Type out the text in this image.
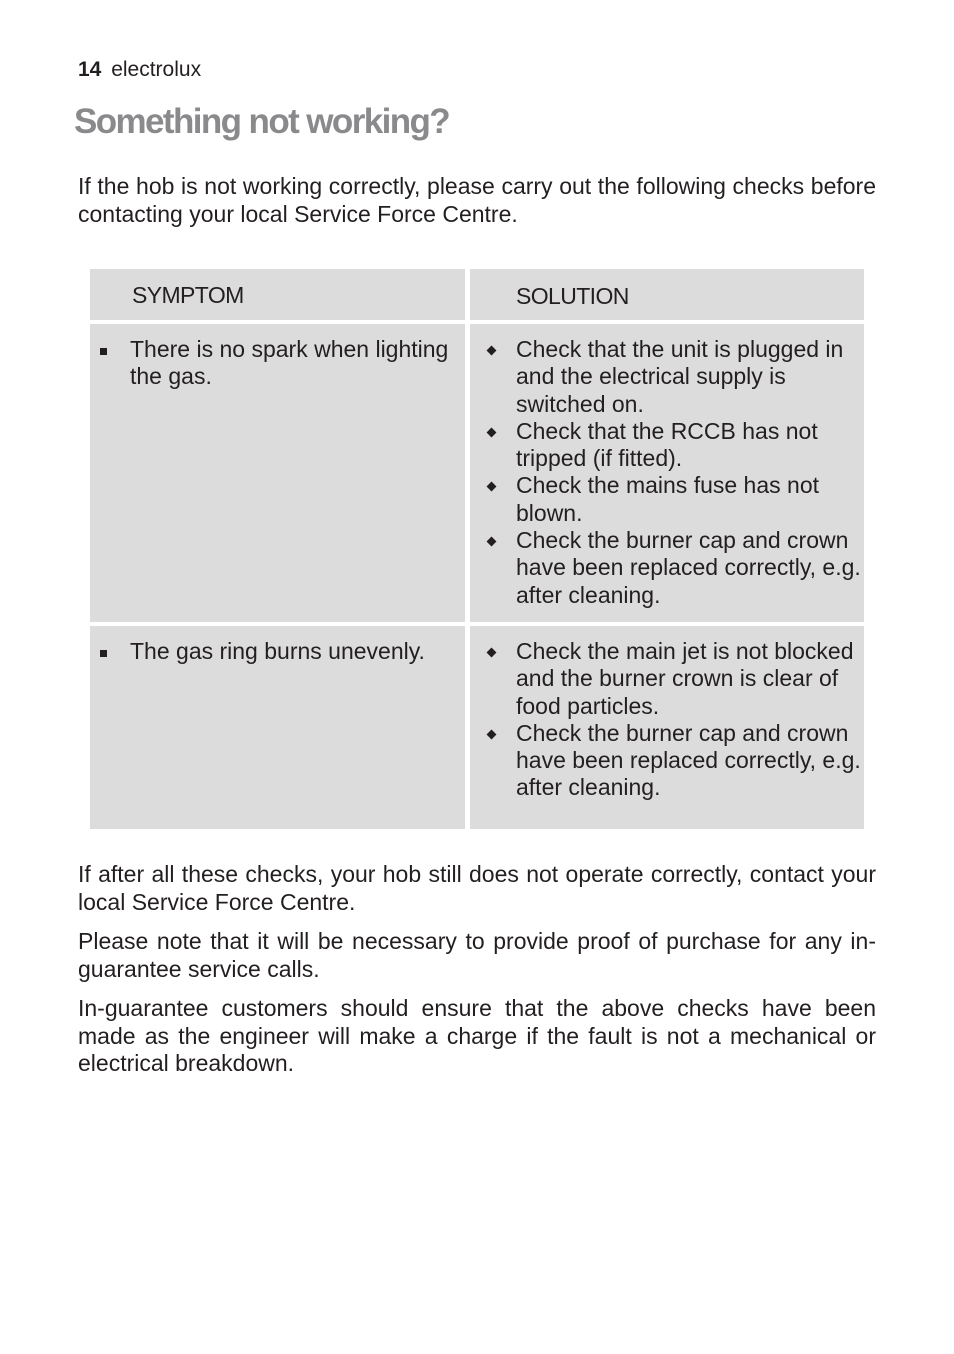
14 electrolux
Something not working?

If the hob is not working correctly, please carry out the following checks before contacting your local Service Force Centre.

SYMPTOM	SOLUTION

There is no spark when lighting the gas.

Check that the unit is plugged in and the electrical supply is switched on.
Check that the RCCB has not tripped (if fitted).
Check the mains fuse has not blown.
Check the burner cap and crown have been replaced correctly, e.g. after cleaning.

The gas ring burns unevenly.	Check the main jet is not blocked and the burner crown is clear of food particles.
Check the burner cap and crown have been replaced correctly, e.g. after cleaning.

If after all these checks, your hob still does not operate correctly, contact your local Service Force Centre.

Please note that it will be necessary to provide proof of purchase for any in-guarantee service calls.

In-guarantee customers should ensure that the above checks have been made as the engineer will make a charge if the fault is not a mechanical or electrical breakdown.
